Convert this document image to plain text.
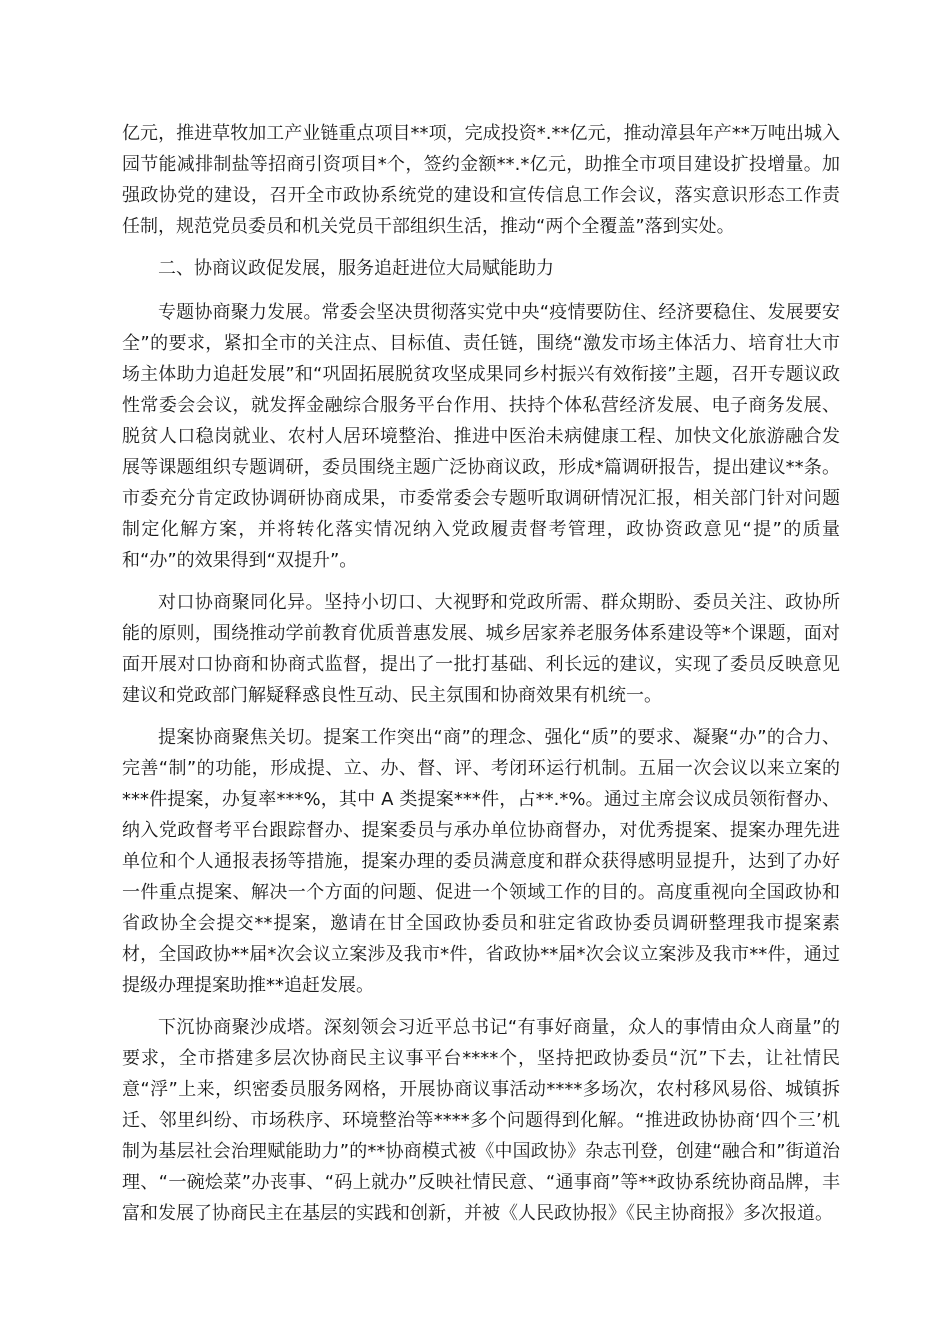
亿元，推进草牧加工产业链重点项目**项，完成投资*.**亿元，推动漳县年产**万吨出城入园节能减排制盐等招商引资项目*个，签约金额**.*亿元，助推全市项目建设扩投增量。加强政协党的建设，召开全市政协系统党的建设和宣传信息工作会议，落实意识形态工作责任制，规范党员委员和机关党员干部组织生活，推动“两个全覆盖”落到实处。

二、协商议政促发展，服务追赶进位大局赋能助力

专题协商聚力发展。常委会坚决贯彻落实党中央“疫情要防住、经济要稳住、发展要安全”的要求，紧扣全市的关注点、目标值、责任链，围绕“激发市场主体活力、培育壮大市场主体助力追赶发展”和“巩固拓展脱贫攻坚成果同乡村振兴有效衔接”主题，召开专题议政性常委会会议，就发挥金融综合服务平台作用、扶持个体私营经济发展、电子商务发展、脱贫人口稳岗就业、农村人居环境整治、推进中医治未病健康工程、加快文化旅游融合发展等课题组织专题调研，委员围绕主题广泛协商议政，形成*篇调研报告，提出建议**条。市委充分肯定政协调研协商成果，市委常委会专题听取调研情况汇报，相关部门针对问题制定化解方案，并将转化落实情况纳入党政履责督考管理，政协资政意见“提”的质量和“办”的效果得到“双提升”。

对口协商聚同化异。坚持小切口、大视野和党政所需、群众期盼、委员关注、政协所能的原则，围绕推动学前教育优质普惠发展、城乡居家养老服务体系建设等*个课题，面对面开展对口协商和协商式监督，提出了一批打基础、利长远的建议，实现了委员反映意见建议和党政部门解疑释惑良性互动、民主氛围和协商效果有机统一。

提案协商聚焦关切。提案工作突出“商”的理念、强化“质”的要求、凝聚“办”的合力、完善“制”的功能，形成提、立、办、督、评、考闭环运行机制。五届一次会议以来立案的***件提案，办复率***%，其中 A 类提案***件，占**.*%。通过主席会议成员领衔督办、纳入党政督考平台跟踪督办、提案委员与承办单位协商督办，对优秀提案、提案办理先进单位和个人通报表扬等措施，提案办理的委员满意度和群众获得感明显提升，达到了办好一件重点提案、解决一个方面的问题、促进一个领域工作的目的。高度重视向全国政协和省政协全会提交**提案，邀请在甘全国政协委员和驻定省政协委员调研整理我市提案素材，全国政协**届*次会议立案涉及我市*件，省政协**届*次会议立案涉及我市**件，通过提级办理提案助推**追赶发展。

下沉协商聚沙成塔。深刻领会习近平总书记“有事好商量，众人的事情由众人商量”的要求，全市搭建多层次协商民主议事平台****个，坚持把政协委员“沉”下去，让社情民意“浮”上来，织密委员服务网格，开展协商议事活动****多场次，农村移风易俗、城镇拆迁、邻里纠纷、市场秩序、环境整治等****多个问题得到化解。“推进政协协商‘四个三’机制为基层社会治理赋能助力”的**协商模式被《中国政协》杂志刊登，创建“融合和”街道治理、“一碗烩菜”办丧事、“码上就办”反映社情民意、“通事商”等**政协系统协商品牌，丰富和发展了协商民主在基层的实践和创新，并被《人民政协报》《民主协商报》多次报道。
